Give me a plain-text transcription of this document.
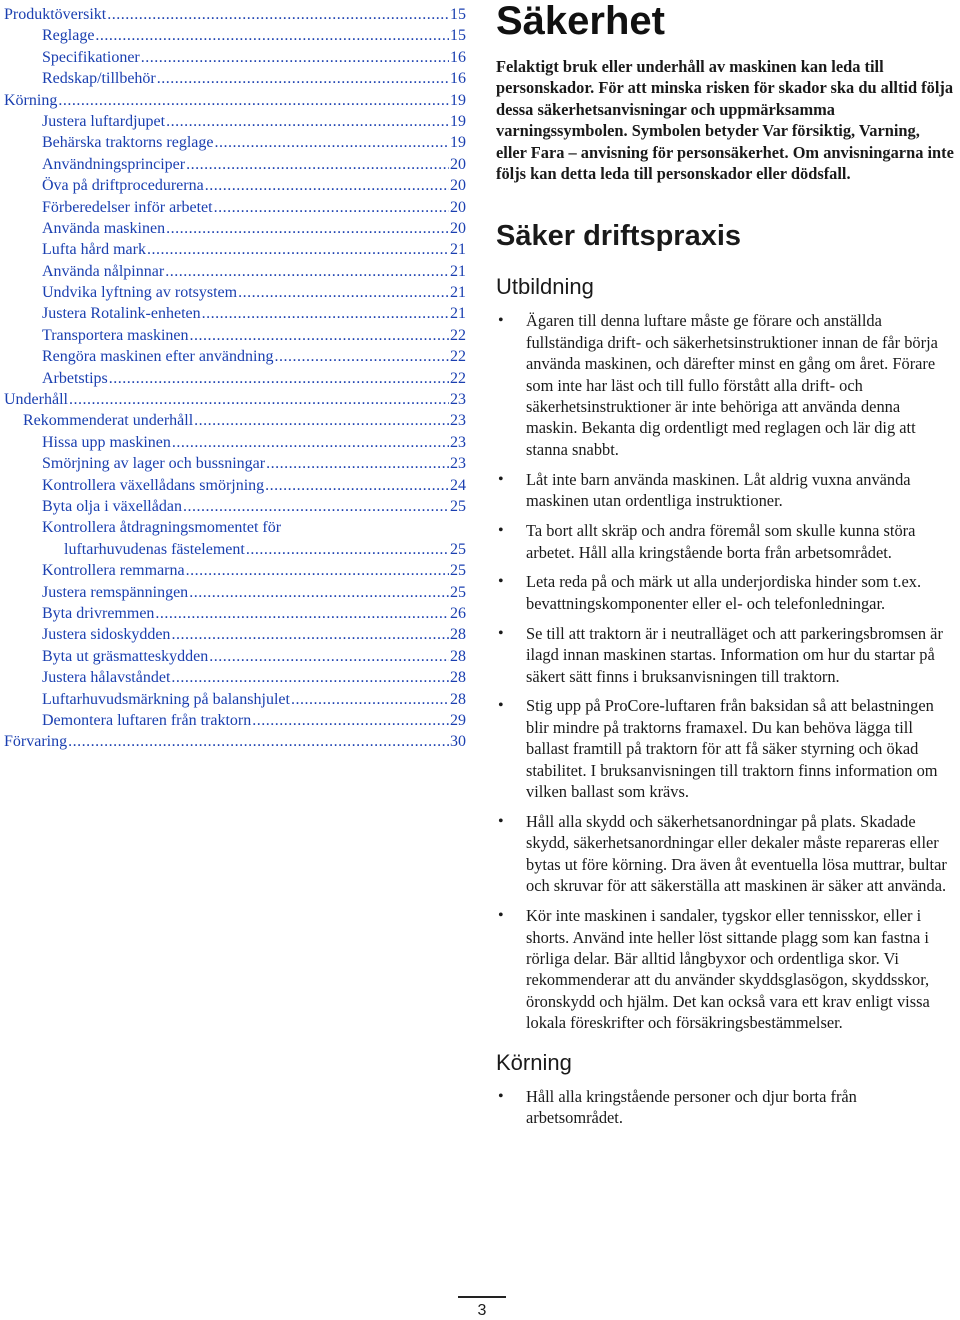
Produktöversikt .....	15
Reglage .....	15
Specifikationer .....	16
Redskap/tillbehör .....	16
Körning .....	19
Justera luftardjupet .....	19
Behärska traktorns reglage .....	19
Användningsprinciper .....	20
Öva på driftprocedurerna .....	20
Förberedelser inför arbetet .....	20
Använda maskinen .....	20
Lufta hård mark .....	21
Använda nålpinnar .....	21
Undvika lyftning av rotsystem .....	21
Justera Rotalink-enheten .....	21
Transportera maskinen .....	22
Rengöra maskinen efter användning .....	22
Arbetstips .....	22
Underhåll .....	23
Rekommenderat underhåll .....	23
Hissa upp maskinen .....	23
Smörjning av lager och bussningar .....	23
Kontrollera växellådans smörjning .....	24
Byta olja i växellådan .....	25
Kontrollera åtdragningsmomentet för
luftarhuvudenas fästelement .....	25
Kontrollera remmarna .....	25
Justera remspänningen .....	25
Byta drivremmen .....	26
Justera sidoskydden .....	28
Byta ut gräsmatteskydden .....	28
Justera hålavståndet .....	28
Luftarhuvudsmärkning på balanshjulet .....	28
Demontera luftaren från traktorn .....	29
Förvaring .....	30
Säkerhet

Felaktigt bruk eller underhåll av maskinen kan leda till personskador. För att minska risken för skador ska du alltid följa dessa säkerhetsanvisningar och uppmärksamma varningssymbolen. Symbolen betyder Var försiktig, Varning, eller Fara – anvisning för personsäkerhet. Om anvisningarna inte följs kan detta leda till personskador eller dödsfall.

Säker driftspraxis
Utbildning
• Ägaren till denna luftare måste ge förare och anställda fullständiga drift- och säkerhetsinstruktioner innan de får börja använda maskinen, och därefter minst en gång om året. Förare som inte har läst och till fullo förstått alla drift- och säkerhetsinstruktioner är inte behöriga att använda denna maskin. Bekanta dig ordentligt med reglagen och lär dig att stanna snabbt.
• Låt inte barn använda maskinen. Låt aldrig vuxna använda maskinen utan ordentliga instruktioner.
• Ta bort allt skräp och andra föremål som skulle kunna störa arbetet. Håll alla kringstående borta från arbetsområdet.
• Leta reda på och märk ut alla underjordiska hinder som t.ex. bevattningskomponenter eller el- och telefonledningar.
• Se till att traktorn är i neutralläget och att parkeringsbromsen är ilagd innan maskinen startas. Information om hur du startar på säkert sätt finns i bruksanvisningen till traktorn.
• Stig upp på ProCore-luftaren från baksidan så att belastningen blir mindre på traktorns framaxel. Du kan behöva lägga till ballast framtill på traktorn för att få säker styrning och ökad stabilitet. I bruksanvisningen till traktorn finns information om vilken ballast som krävs.
• Håll alla skydd och säkerhetsanordningar på plats. Skadade skydd, säkerhetsanordningar eller dekaler måste repareras eller bytas ut före körning. Dra även åt eventuella lösa muttrar, bultar och skruvar för att säkerställa att maskinen är säker att använda.
• Kör inte maskinen i sandaler, tygskor eller tennisskor, eller i shorts. Använd inte heller löst sittande plagg som kan fastna i rörliga delar. Bär alltid långbyxor och ordentliga skor. Vi rekommenderar att du använder skyddsglasögon, skyddsskor, öronskydd och hjälm. Det kan också vara ett krav enligt vissa lokala föreskrifter och försäkringsbestämmelser.
Körning
• Håll alla kringstående personer och djur borta från arbetsområdet.
3
